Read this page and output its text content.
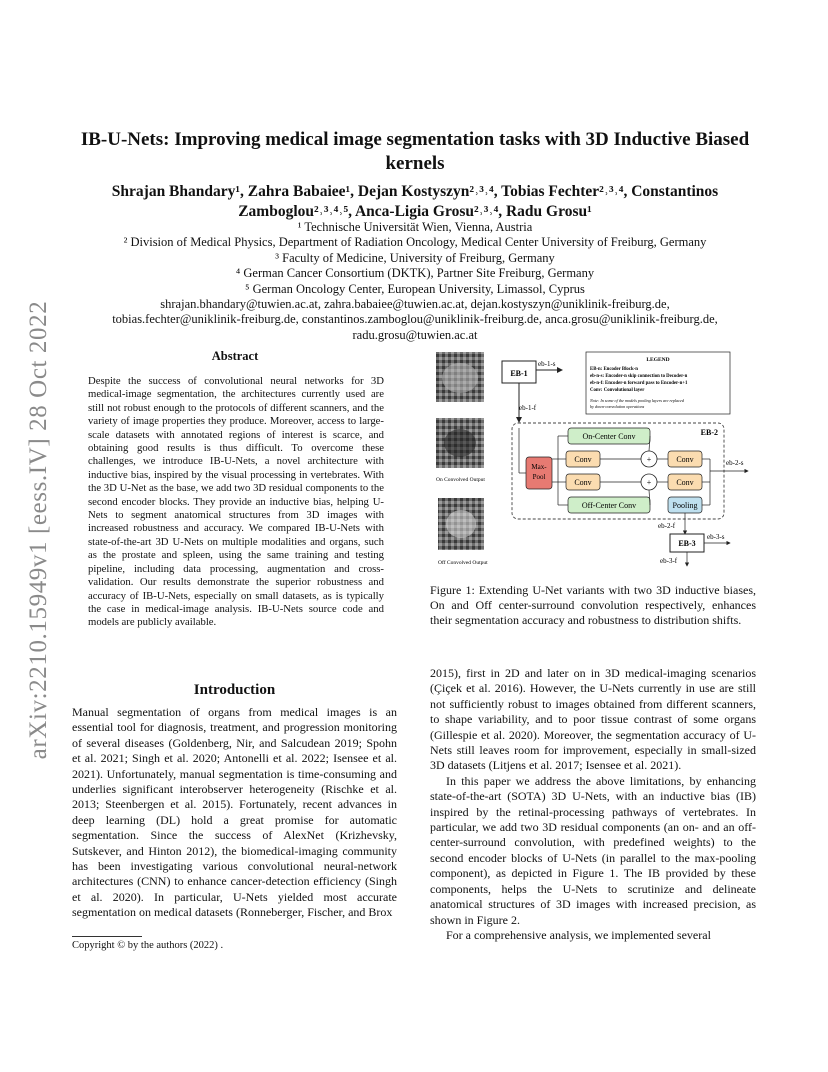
arXiv:2210.15949v1 [eess.IV] 28 Oct 2022
IB-U-Nets: Improving medical image segmentation tasks with 3D Inductive Biased kernels
Shrajan Bhandary¹, Zahra Babaiee¹, Dejan Kostyszyn²˒³˒⁴, Tobias Fechter²˒³˒⁴, Constantinos
Zamboglou²˒³˒⁴˒⁵, Anca-Ligia Grosu²˒³˒⁴, Radu Grosu¹
¹ Technische Universität Wien, Vienna, Austria
² Division of Medical Physics, Department of Radiation Oncology, Medical Center University of Freiburg, Germany
³ Faculty of Medicine, University of Freiburg, Germany
⁴ German Cancer Consortium (DKTK), Partner Site Freiburg, Germany
⁵ German Oncology Center, European University, Limassol, Cyprus
shrajan.bhandary@tuwien.ac.at, zahra.babaiee@tuwien.ac.at, dejan.kostyszyn@uniklinik-freiburg.de,
tobias.fechter@uniklinik-freiburg.de, constantinos.zamboglou@uniklinik-freiburg.de, anca.grosu@uniklinik-freiburg.de,
radu.grosu@tuwien.ac.at
Abstract
Despite the success of convolutional neural networks for 3D medical-image segmentation, the architectures currently used are still not robust enough to the protocols of different scanners, and the variety of image properties they produce. Moreover, access to large-scale datasets with annotated regions of interest is scarce, and obtaining good results is thus difficult. To overcome these challenges, we introduce IB-U-Nets, a novel architecture with inductive bias, inspired by the visual processing in vertebrates. With the 3D U-Net as the base, we add two 3D residual components to the second encoder blocks. They provide an inductive bias, helping U-Nets to segment anatomical structures from 3D images with increased robustness and accuracy. We compared IB-U-Nets with state-of-the-art 3D U-Nets on multiple modalities and organs, such as the prostate and spleen, using the same training and testing pipeline, including data processing, augmentation and cross-validation. Our results demonstrate the superior robustness and accuracy of IB-U-Nets, especially on small datasets, as is typically the case in medical-image analysis. IB-U-Nets source code and models are publicly available.
Introduction
Manual segmentation of organs from medical images is an essential tool for diagnosis, treatment, and progression monitoring of several diseases (Goldenberg, Nir, and Salcudean 2019; Spohn et al. 2021; Singh et al. 2020; Antonelli et al. 2022; Isensee et al. 2021). Unfortunately, manual segmentation is time-consuming and underlies significant interobserver heterogeneity (Rischke et al. 2013; Steenbergen et al. 2015). Fortunately, recent advances in deep learning (DL) hold a great promise for automatic segmentation. Since the success of AlexNet (Krizhevsky, Sutskever, and Hinton 2012), the biomedical-imaging community has been investigating various convolutional neural-network architectures (CNN) to enhance cancer-detection efficiency (Singh et al. 2020). In particular, U-Nets yielded most accurate segmentation on medical datasets (Ronneberger, Fischer, and Brox
Copyright © by the authors (2022) .
On Convolved Output
Off Convolved Output
EB-1
eb-1-s
eb-1-f
LEGEND
EB-n: Encoder Block-n
eb-n-s: Encoder-n skip connection to Decoder-n
eb-n-f: Encoder-n forward pass to Encoder-n+1
Conv: Convolutional layer
Note: In some of the models pooling layers are replaced
by down-convolution operations
EB-2
On-Center Conv
Max-
Pool
Conv
Conv
+
+
Conv
Conv
Off-Center Conv	Pooling
eb-2-s
eb-2-f
EB-3
eb-3-s
eb-3-f
Figure 1: Extending U-Net variants with two 3D inductive biases, On and Off center-surround convolution respectively, enhances their segmentation accuracy and robustness to distribution shifts.
2015), first in 2D and later on in 3D medical-imaging scenarios (Çiçek et al. 2016). However, the U-Nets currently in use are still not sufficiently robust to images obtained from different scanners, to shape variability, and to poor tissue contrast of some organs (Gillespie et al. 2020). Moreover, the segmentation accuracy of U-Nets still leaves room for improvement, especially in small-sized 3D datasets (Litjens et al. 2017; Isensee et al. 2021).
In this paper we address the above limitations, by enhancing state-of-the-art (SOTA) 3D U-Nets, with an inductive bias (IB) inspired by the retinal-processing pathways of vertebrates. In particular, we add two 3D residual components (an on- and an off-center-surround convolution, with predefined weights) to the second encoder blocks of U-Nets (in parallel to the max-pooling component), as depicted in Figure 1. The IB provided by these components, helps the U-Nets to scrutinize and delineate anatomical structures of 3D images with increased precision, as shown in Figure 2.
For a comprehensive analysis, we implemented several
